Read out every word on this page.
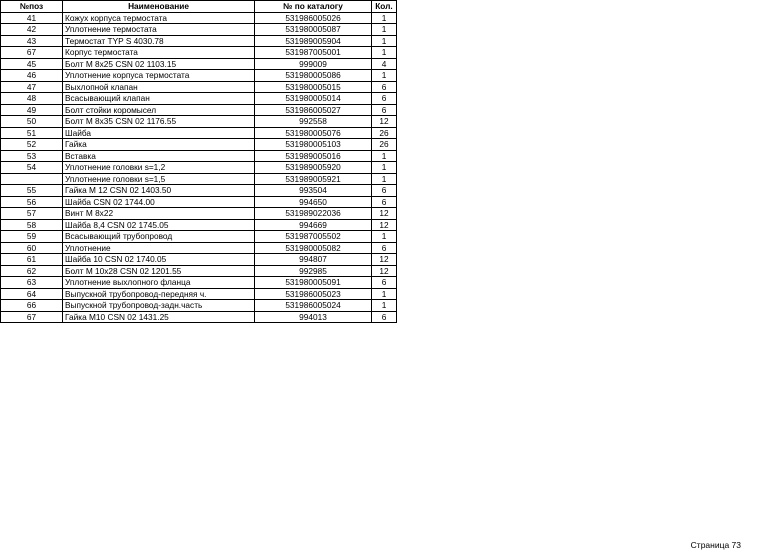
№поз	Наименование	№ по каталогу	Кол.
41	Кожух корпуса термостата	531986005026	1
42	Уплотнение термостата	531980005087	1
43	Термостат TYP S 4030.78	531989005904	1
67	Корпус термостата	531987005001	1
45	Болт M 8x25 CSN 02 1103.15	999009	4
46	Уплотнение корпуса термостата	531980005086	1
47	Выхлопной клапан	531980005015	6
48	Всасывающий клапан	531980005014	6
49	Болт стойки коромысел	531986005027	6
50	Болт M 8x35 CSN 02 1176.55	992558	12
51	Шайба	531980005076	26
52	Гайка	531980005103	26
53	Вставка	531989005016	1
54	Уплотнение головки s=1,2	531989005920	1
	Уплотнение головки s=1,5	531989005921	1
55	Гайка M 12 CSN 02 1403.50	993504	6
56	Шайба CSN 02 1744.00	994650	6
57	Винт M 8x22	531989022036	12
58	Шайба 8,4 CSN 02 1745.05	994669	12
59	Всасывающий трубопровод	531987005502	1
60	Уплотнение	531980005082	6
61	Шайба 10 CSN 02 1740.05	994807	12
62	Болт M 10x28 CSN 02 1201.55	992985	12
63	Уплотнение выхлопного фланца	531980005091	6
64	Выпускной трубопровод-передняя ч.	531986005023	1
66	Выпускной трубопровод-задн.часть	531986005024	1
67	Гайка M10 CSN 02 1431.25	994013	6
Страница 73
